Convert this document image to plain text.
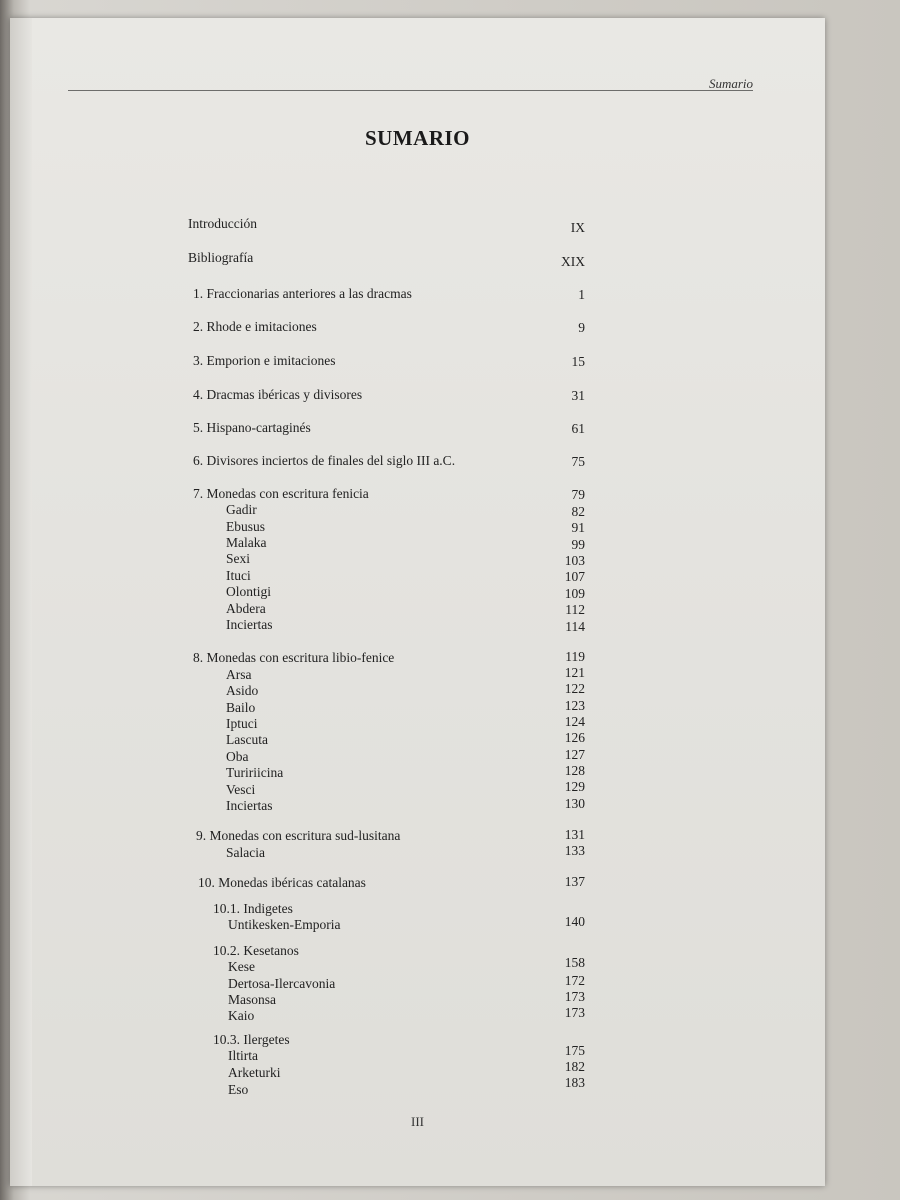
Sumario
SUMARIO
Introducción	IX
Bibliografía	XIX
1. Fraccionarias anteriores a las dracmas	1
2. Rhode e imitaciones	9
3. Emporion e imitaciones	15
4. Dracmas ibéricas y divisores	31
5. Hispano-cartaginés	61
6. Divisores inciertos de finales del siglo III a.C.	75
7. Monedas con escritura fenicia	79
Gadir	82
Ebusus	91
Malaka	99
Sexi	103
Ituci	107
Olontigi	109
Abdera	112
Inciertas	114
8. Monedas con escritura libio-fenice	119
Arsa	121
Asido	122
Bailo	123
Iptuci	124
Lascuta	126
Oba	127
Tuririicina	128
Vesci	129
Inciertas	130
9. Monedas con escritura sud-lusitana	131
Salacia	133
10. Monedas ibéricas catalanas	137
10.1. Indigetes
Untikesken-Emporia	140
10.2. Kesetanos
Kese	158
Dertosa-Ilercavonia	172
Masonsa	173
Kaio	173
10.3. Ilergetes
Iltirta	175
Arketurki	182
Eso	183
III
